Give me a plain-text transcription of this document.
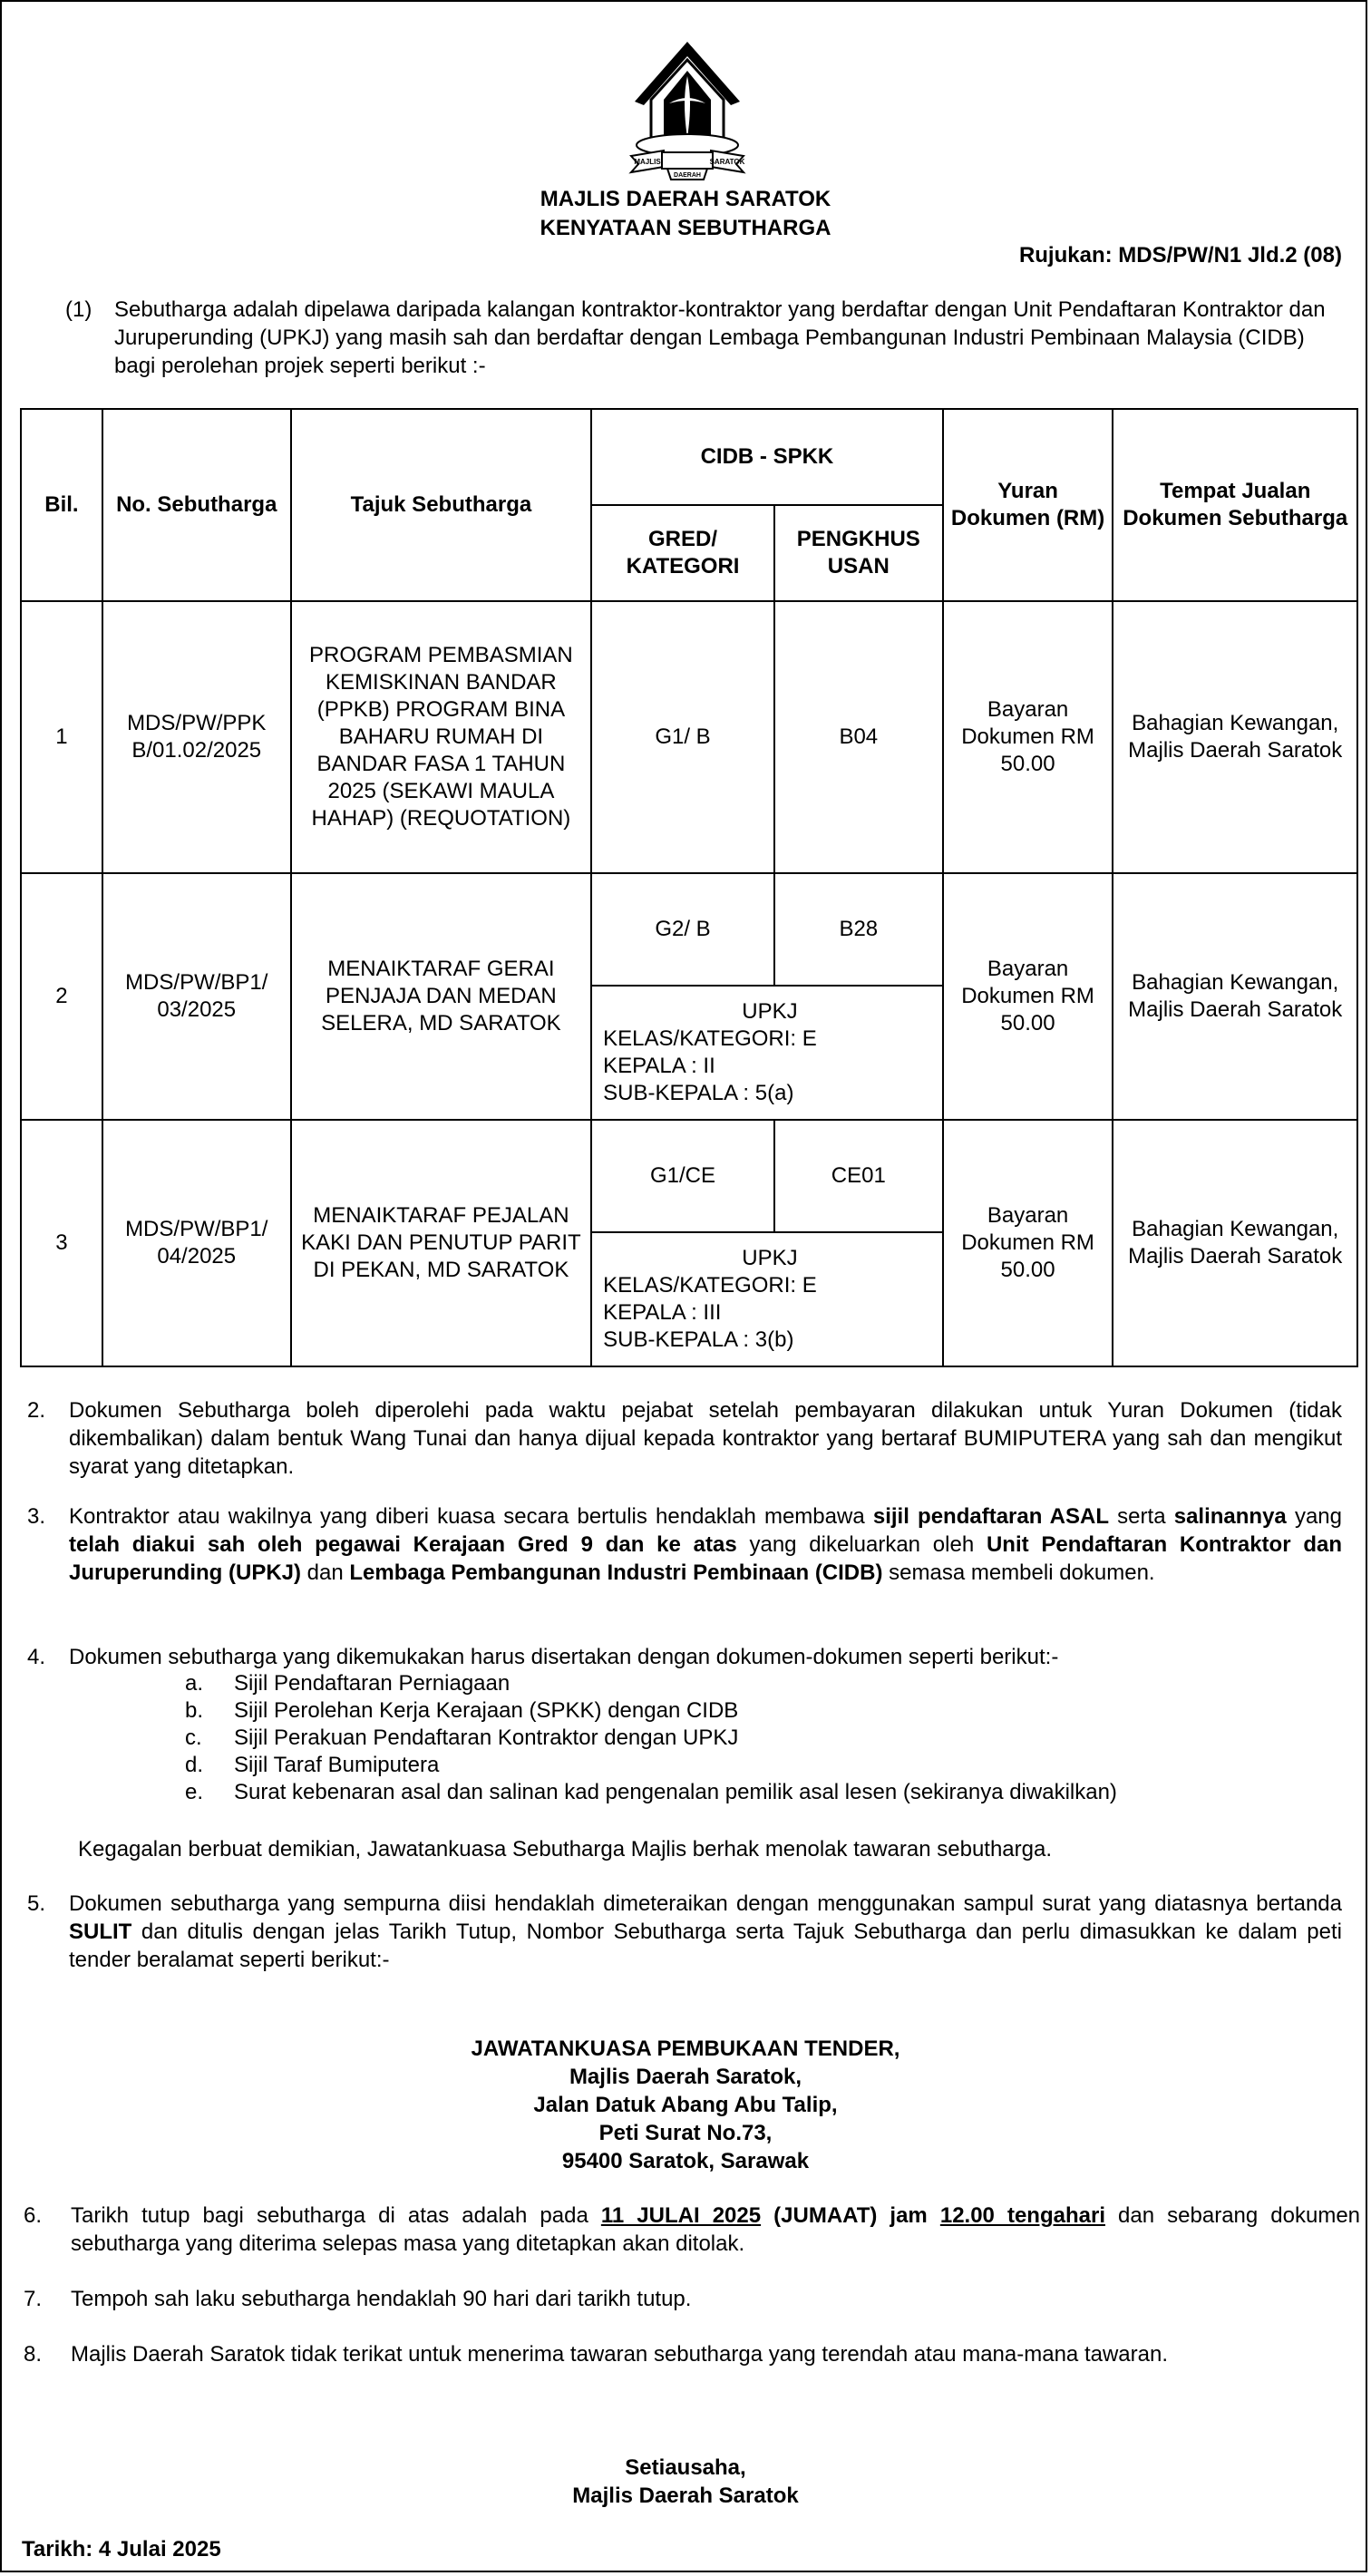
MAJLIS	SARATOK
DAERAH
MAJLIS DAERAH SARATOK
KENYATAAN SEBUTHARGA
Rujukan: MDS/PW/N1 Jld.2 (08)
(1) Sebutharga adalah dipelawa daripada kalangan kontraktor-kontraktor yang berdaftar dengan Unit Pendaftaran Kontraktor dan Juruperunding (UPKJ) yang masih sah dan berdaftar dengan Lembaga Pembangunan Industri Pembinaan Malaysia (CIDB) bagi perolehan projek seperti berikut :-
Bil.	No. Sebutharga	Tajuk Sebutharga	CIDB - SPKK		Yuran Dokumen (RM)	Tempat Jualan Dokumen Sebutharga
			GRED/ KATEGORI	PENGKHUS USAN		
1	MDS/PW/PPK B/01.02/2025	PROGRAM PEMBASMIAN KEMISKINAN BANDAR (PPKB) PROGRAM BINA BAHARU RUMAH DI BANDAR FASA 1 TAHUN 2025 (SEKAWI MAULA HAHAP) (REQUOTATION)	G1/ B	B04	Bayaran Dokumen RM 50.00	Bahagian Kewangan, Majlis Daerah Saratok
2	MDS/PW/BP1/ 03/2025	MENAIKTARAF GERAI PENJAJA DAN MEDAN SELERA, MD SARATOK	G2/ B	B28	Bayaran Dokumen RM 50.00	Bahagian Kewangan, Majlis Daerah Saratok

			UPKJ
KELAS/KATEGORI: E
KEPALA : II
SUB-KEPALA : 5(a)			

3	MDS/PW/BP1/ 04/2025	MENAIKTARAF PEJALAN KAKI DAN PENUTUP PARIT DI PEKAN, MD SARATOK	G1/CE	CE01	Bayaran Dokumen RM 50.00	Bahagian Kewangan, Majlis Daerah Saratok

			UPKJ
KELAS/KATEGORI: E
KEPALA : III
SUB-KEPALA : 3(b)			
2. Dokumen Sebutharga boleh diperolehi pada waktu pejabat setelah pembayaran dilakukan untuk Yuran Dokumen (tidak dikembalikan) dalam bentuk Wang Tunai dan hanya dijual kepada kontraktor yang bertaraf BUMIPUTERA yang sah dan mengikut syarat yang ditetapkan.
3. Kontraktor atau wakilnya yang diberi kuasa secara bertulis hendaklah membawa sijil pendaftaran ASAL serta salinannya yang telah diakui sah oleh pegawai Kerajaan Gred 9 dan ke atas yang dikeluarkan oleh Unit Pendaftaran Kontraktor dan Juruperunding (UPKJ) dan Lembaga Pembangunan Industri Pembinaan (CIDB) semasa membeli dokumen.
4. Dokumen sebutharga yang dikemukakan harus disertakan dengan dokumen-dokumen seperti berikut:-
a. Sijil Pendaftaran Perniagaan
b. Sijil Perolehan Kerja Kerajaan (SPKK) dengan CIDB
c. Sijil Perakuan Pendaftaran Kontraktor dengan UPKJ
d. Sijil Taraf Bumiputera
e. Surat kebenaran asal dan salinan kad pengenalan pemilik asal lesen (sekiranya diwakilkan)
Kegagalan berbuat demikian, Jawatankuasa Sebutharga Majlis berhak menolak tawaran sebutharga.
5. Dokumen sebutharga yang sempurna diisi hendaklah dimeteraikan dengan menggunakan sampul surat yang diatasnya bertanda SULIT dan ditulis dengan jelas Tarikh Tutup, Nombor Sebutharga serta Tajuk Sebutharga dan perlu dimasukkan ke dalam peti tender beralamat seperti berikut:-
JAWATANKUASA PEMBUKAAN TENDER,
Majlis Daerah Saratok,
Jalan Datuk Abang Abu Talip,
Peti Surat No.73,
95400 Saratok, Sarawak
6. Tarikh tutup bagi sebutharga di atas adalah pada 11 JULAI 2025 (JUMAAT) jam 12.00 tengahari dan sebarang dokumen sebutharga yang diterima selepas masa yang ditetapkan akan ditolak.
7. Tempoh sah laku sebutharga hendaklah 90 hari dari tarikh tutup.
8. Majlis Daerah Saratok tidak terikat untuk menerima tawaran sebutharga yang terendah atau mana-mana tawaran.
Setiausaha,
Majlis Daerah Saratok
Tarikh: 4 Julai 2025
